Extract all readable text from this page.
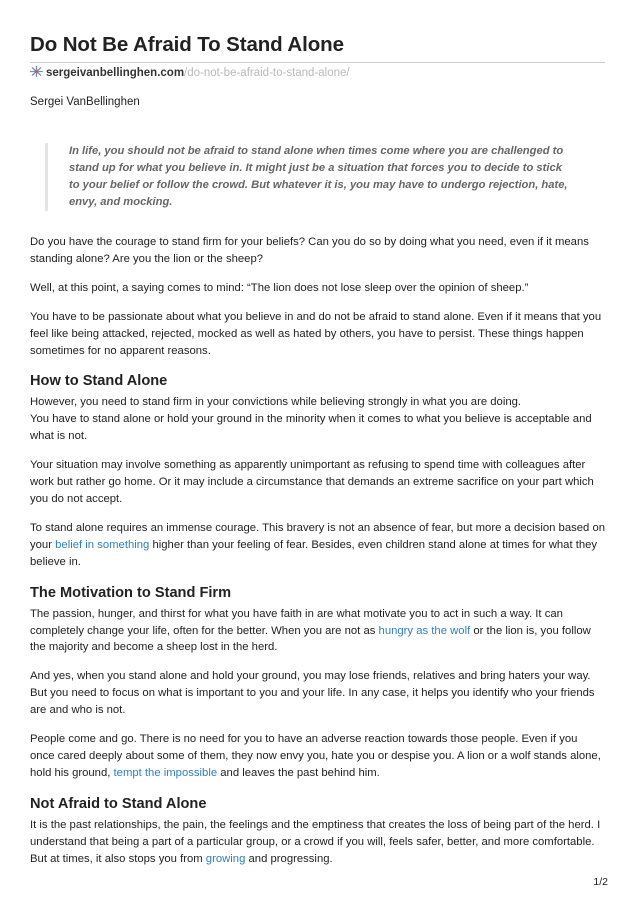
Do Not Be Afraid To Stand Alone
sergeivanbellinghen.com/do-not-be-afraid-to-stand-alone/
Sergei VanBellinghen
In life, you should not be afraid to stand alone when times come where you are challenged to stand up for what you believe in. It might just be a situation that forces you to decide to stick to your belief or follow the crowd. But whatever it is, you may have to undergo rejection, hate, envy, and mocking.

Do you have the courage to stand firm for your beliefs? Can you do so by doing what you need, even if it means standing alone? Are you the lion or the sheep?

Well, at this point, a saying comes to mind: “The lion does not lose sleep over the opinion of sheep.”

You have to be passionate about what you believe in and do not be afraid to stand alone. Even if it means that you feel like being attacked, rejected, mocked as well as hated by others, you have to persist. These things happen sometimes for no apparent reasons.

How to Stand Alone

However, you need to stand firm in your convictions while believing strongly in what you are doing.
You have to stand alone or hold your ground in the minority when it comes to what you believe is acceptable and what is not.

Your situation may involve something as apparently unimportant as refusing to spend time with colleagues after work but rather go home. Or it may include a circumstance that demands an extreme sacrifice on your part which you do not accept.

To stand alone requires an immense courage. This bravery is not an absence of fear, but more a decision based on your belief in something higher than your feeling of fear. Besides, even children stand alone at times for what they believe in.

The Motivation to Stand Firm

The passion, hunger, and thirst for what you have faith in are what motivate you to act in such a way. It can completely change your life, often for the better. When you are not as hungry as the wolf or the lion is, you follow the majority and become a sheep lost in the herd.

And yes, when you stand alone and hold your ground, you may lose friends, relatives and bring haters your way. But you need to focus on what is important to you and your life. In any case, it helps you identify who your friends are and who is not.

People come and go. There is no need for you to have an adverse reaction towards those people. Even if you once cared deeply about some of them, they now envy you, hate you or despise you. A lion or a wolf stands alone, hold his ground, tempt the impossible and leaves the past behind him.

Not Afraid to Stand Alone

It is the past relationships, the pain, the feelings and the emptiness that creates the loss of being part of the herd. I understand that being a part of a particular group, or a crowd if you will, feels safer, better, and more comfortable. But at times, it also stops you from growing and progressing.

1/2
